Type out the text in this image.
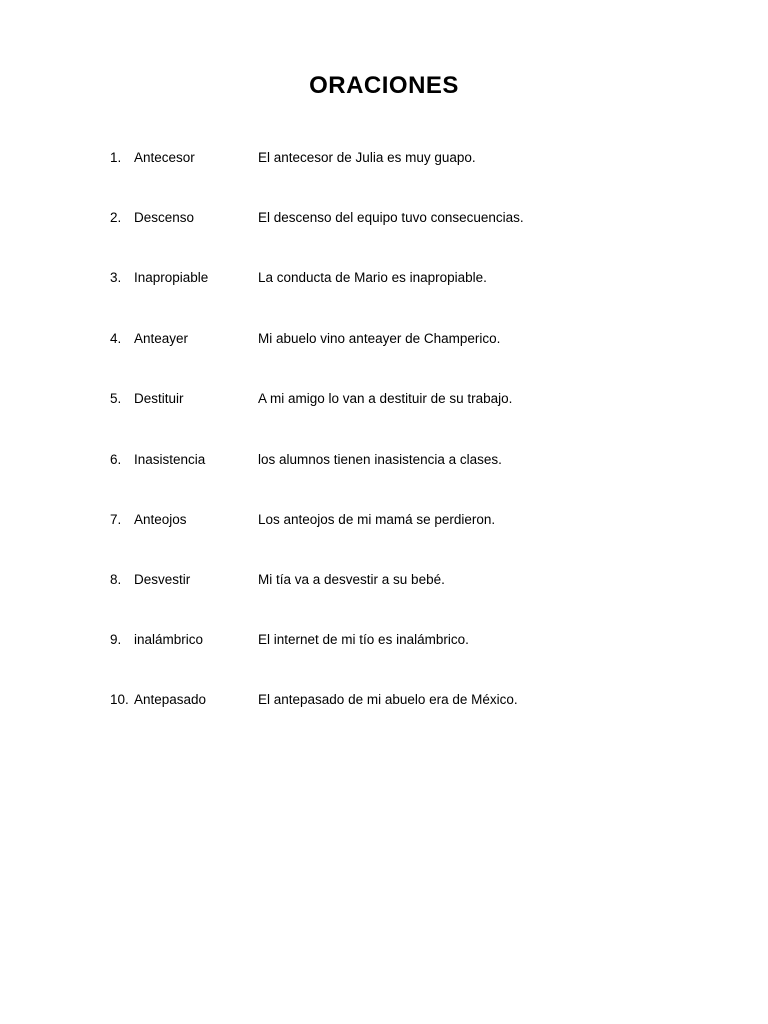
ORACIONES
1. Antecesor	El antecesor de Julia es muy guapo.
2. Descenso	El descenso del equipo tuvo consecuencias.
3. Inapropiable	La conducta de Mario es inapropiable.
4. Anteayer	Mi abuelo vino anteayer de Champerico.
5. Destituir	A mi amigo lo van a destituir de su trabajo.
6. Inasistencia	los alumnos tienen inasistencia a clases.
7. Anteojos	Los anteojos de mi mamá se perdieron.
8. Desvestir	Mi tía va a desvestir a su bebé.
9. inalámbrico	El internet de mi tío es inalámbrico.
10. Antepasado	El antepasado de mi abuelo era de México.
